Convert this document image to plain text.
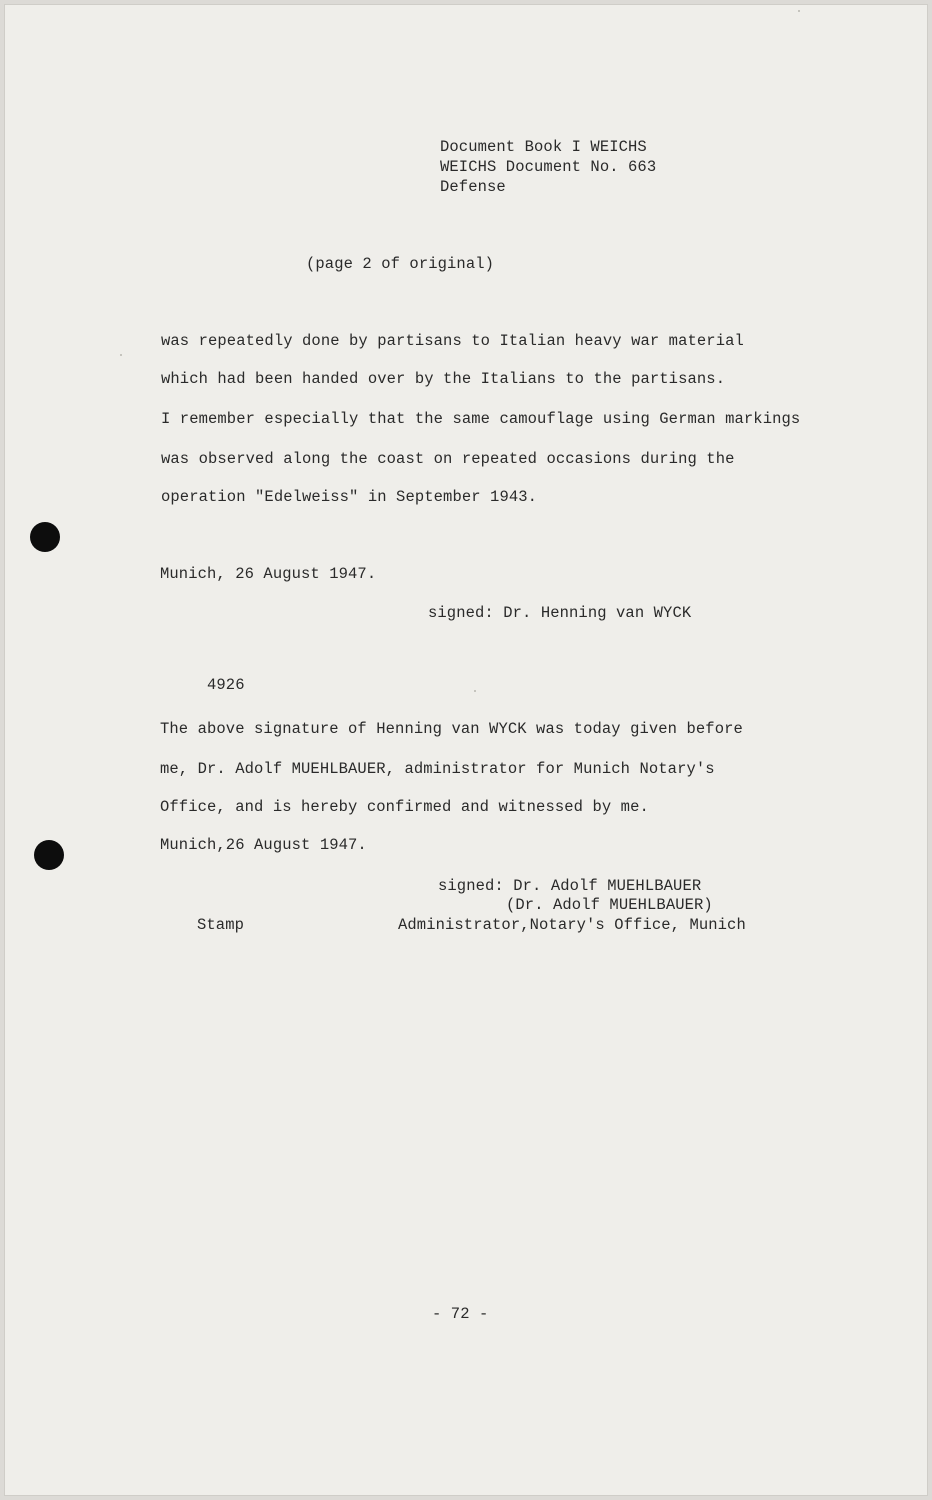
Document Book I WEICHS
WEICHS Document No. 663
Defense
(page 2 of original)
was repeatedly done by partisans to Italian heavy war material
which had been handed over by the Italians to the partisans.
I remember especially that the same camouflage using German markings
was observed along the coast on repeated occasions during the
operation "Edelweiss" in September 1943.
Munich, 26 August 1947.
signed: Dr. Henning van WYCK
4926
The above signature of Henning van WYCK was today given before
me, Dr. Adolf MUEHLBAUER, administrator for Munich Notary's
Office, and is hereby confirmed and witnessed by me.
Munich,26 August 1947.
signed: Dr. Adolf MUEHLBAUER
(Dr. Adolf MUEHLBAUER)
Administrator,Notary's Office, Munich
Stamp
- 72 -
